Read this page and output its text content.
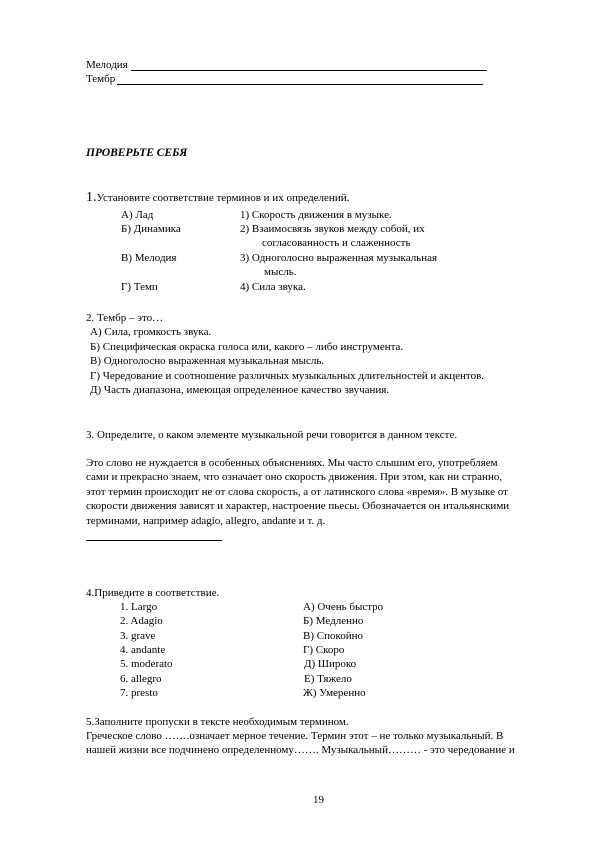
Мелодия
Тембр
ПРОВЕРЬТЕ СЕБЯ
1.Установите соответствие терминов и их определений.
А) Лад
Б) Динамика
В) Мелодия
Г) Темп
1) Скорость движения в музыке.
2) Взаимосвязь звуков между собой, их
согласованность и слаженность
3) Одноголосно выраженная музыкальная
мысль.
4) Сила звука.
2. Тембр – это…
А) Сила, громкость звука.
Б) Специфическая окраска голоса или, какого – либо инструмента.
В) Одноголосно выраженная музыкальная мысль.
Г) Чередование и соотношение различных музыкальных длительностей и акцентов.
Д) Часть диапазона, имеющая определенное качество звучания.
3. Определите, о каком элементе музыкальной речи говорится в данном тексте.
Это слово не нуждается в особенных объяснениях. Мы часто слышим его, употребляем
сами и прекрасно знаем, что означает оно скорость движения. При этом, как ни странно,
этот термин происходит не от слова скорость, а от латинского слова «время». В музыке от
скорости движения зависят и характер, настроение пьесы. Обозначается он итальянскими
терминами, например adagio, allegro, andante и т. д.
4.Приведите в соответствие.
1. Largo
2. Adagio
3. grave
4. andante
5. moderato
6. allegro
7. presto
А) Очень быстро
Б) Медленно
В) Спокойно
Г) Скоро
Д) Широко
Е) Тяжело
Ж) Умеренно
5.Заполните пропуски в тексте необходимым термином.
Греческое слово …….означает мерное течение. Термин этот – не только музыкальный. В
нашей жизни все подчинено определенному……. Музыкальный……… - это чередование и
19
